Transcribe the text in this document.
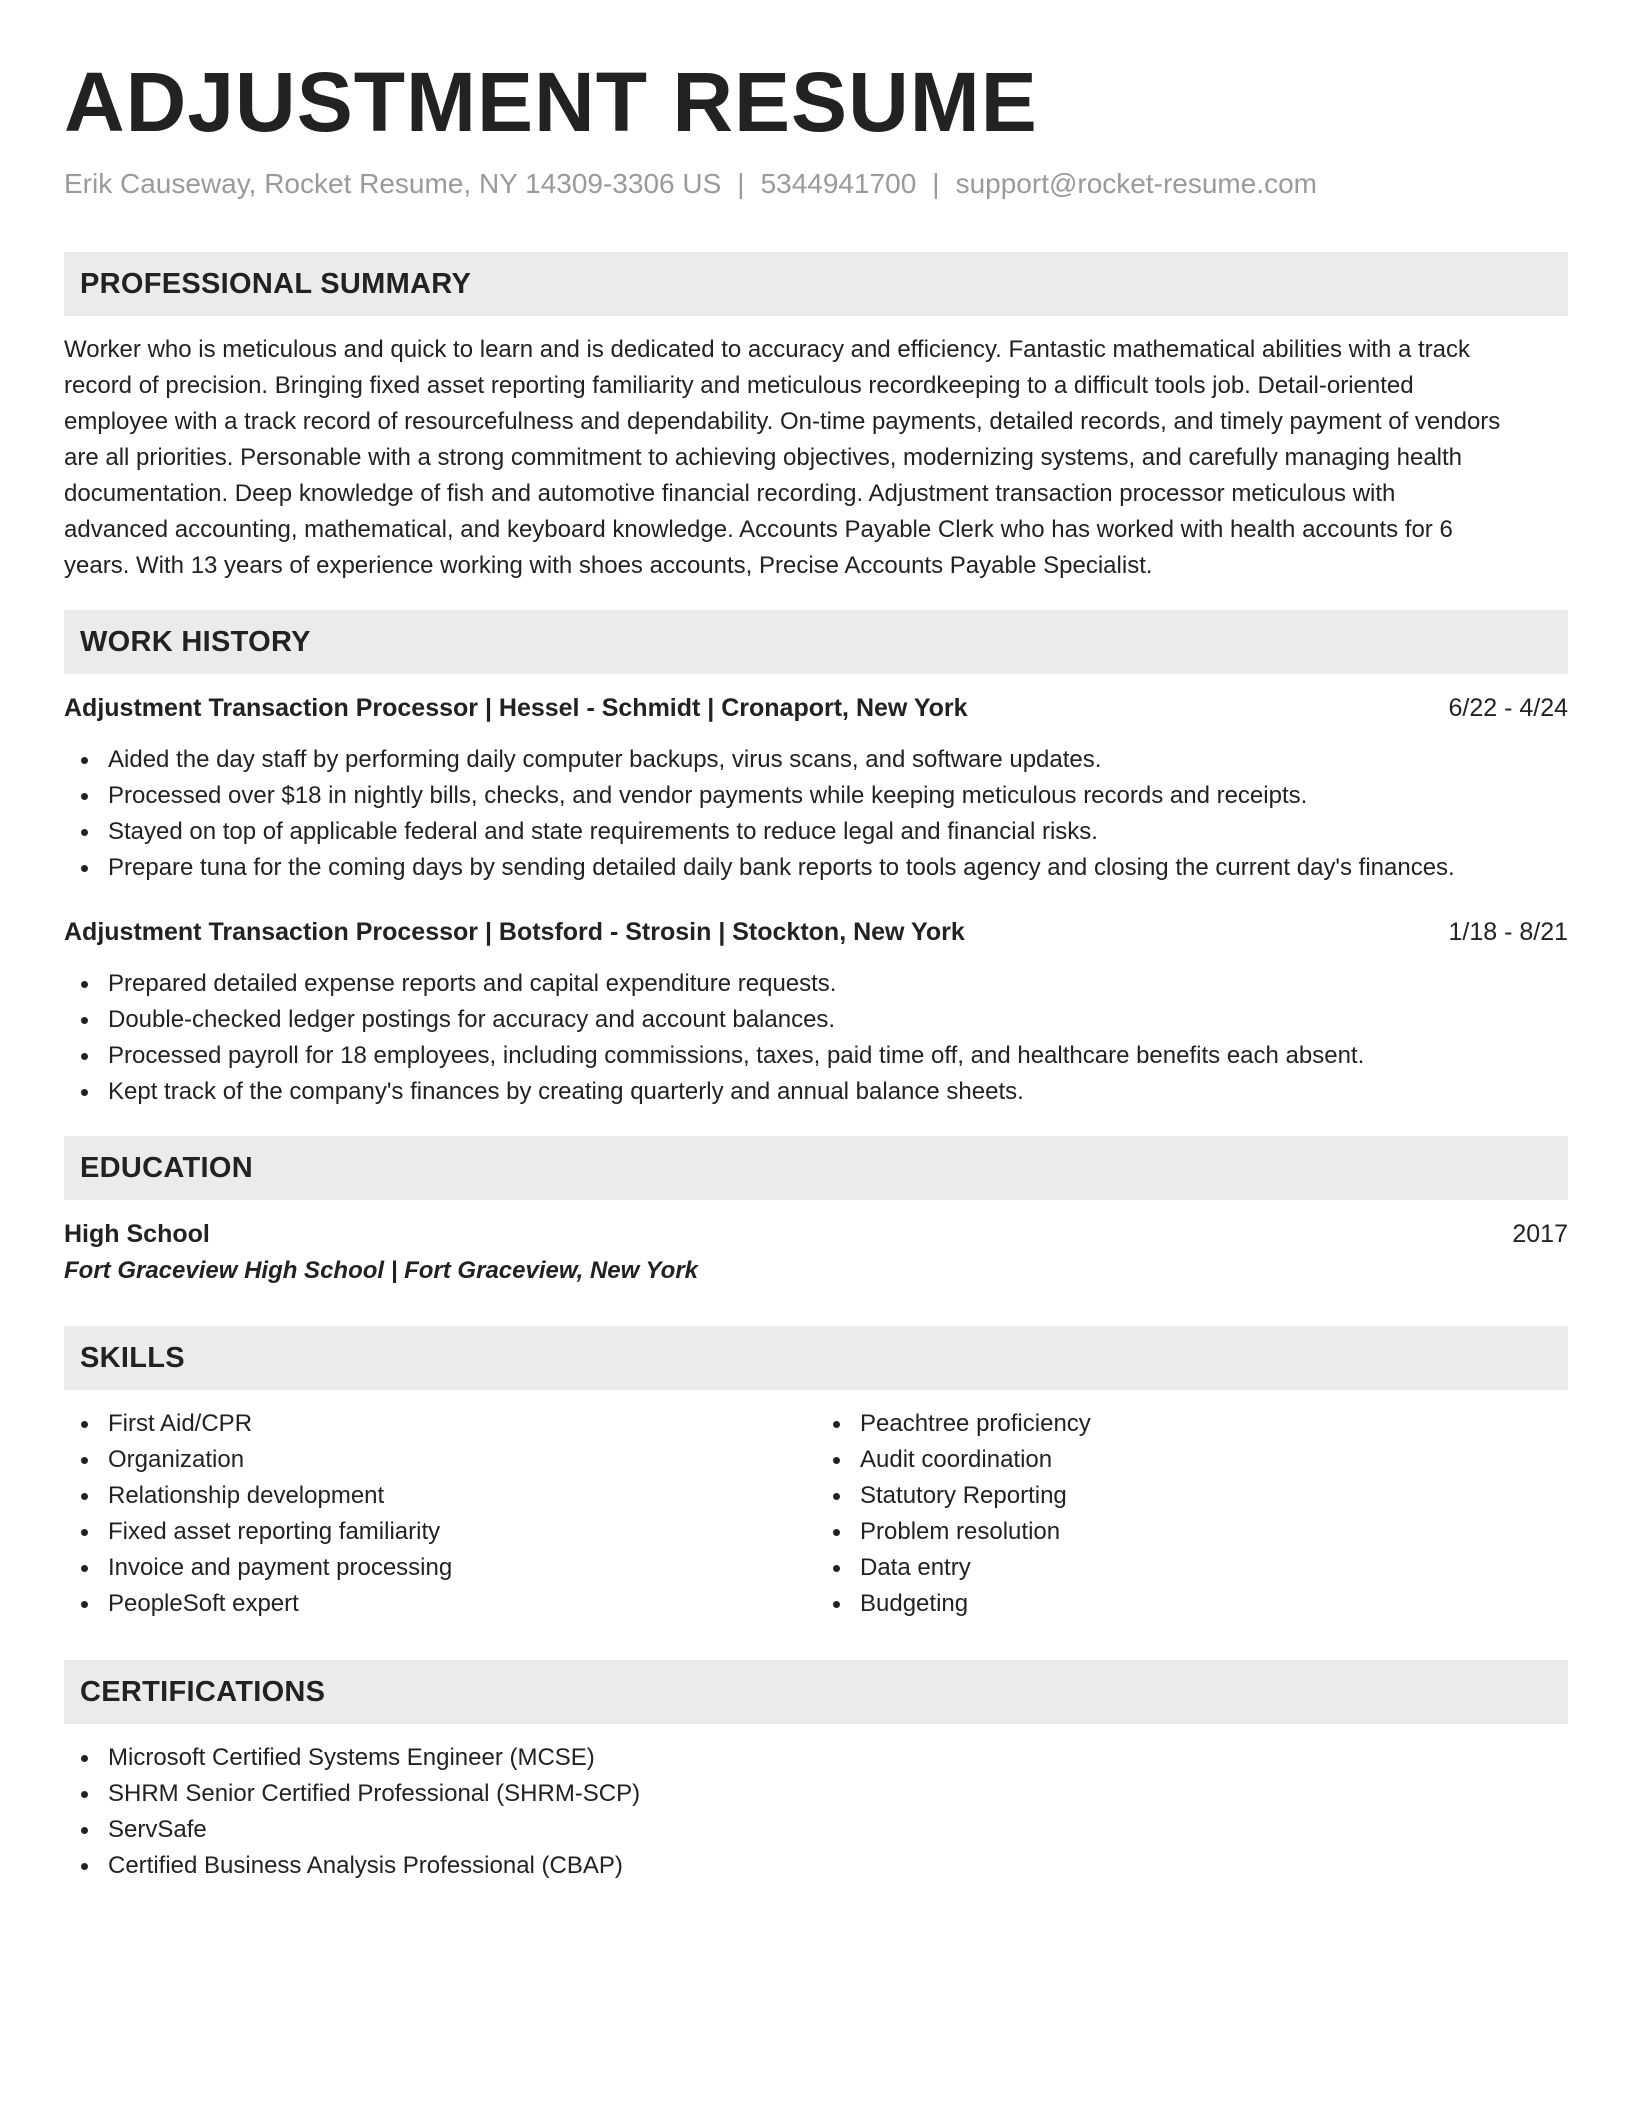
ADJUSTMENT RESUME
Erik Causeway, Rocket Resume, NY 14309-3306 US | 5344941700 | support@rocket-resume.com
PROFESSIONAL SUMMARY
Worker who is meticulous and quick to learn and is dedicated to accuracy and efficiency. Fantastic mathematical abilities with a track
record of precision. Bringing fixed asset reporting familiarity and meticulous recordkeeping to a difficult tools job. Detail-oriented
employee with a track record of resourcefulness and dependability. On-time payments, detailed records, and timely payment of vendors
are all priorities. Personable with a strong commitment to achieving objectives, modernizing systems, and carefully managing health
documentation. Deep knowledge of fish and automotive financial recording. Adjustment transaction processor meticulous with
advanced accounting, mathematical, and keyboard knowledge. Accounts Payable Clerk who has worked with health accounts for 6
years. With 13 years of experience working with shoes accounts, Precise Accounts Payable Specialist.
WORK HISTORY
Adjustment Transaction Processor | Hessel - Schmidt | Cronaport, New York	6/22 - 4/24
Aided the day staff by performing daily computer backups, virus scans, and software updates.
Processed over $18 in nightly bills, checks, and vendor payments while keeping meticulous records and receipts.
Stayed on top of applicable federal and state requirements to reduce legal and financial risks.
Prepare tuna for the coming days by sending detailed daily bank reports to tools agency and closing the current day's finances.
Adjustment Transaction Processor | Botsford - Strosin | Stockton, New York	1/18 - 8/21
Prepared detailed expense reports and capital expenditure requests.
Double-checked ledger postings for accuracy and account balances.
Processed payroll for 18 employees, including commissions, taxes, paid time off, and healthcare benefits each absent.
Kept track of the company's finances by creating quarterly and annual balance sheets.
EDUCATION
High School	2017
Fort Graceview High School | Fort Graceview, New York
SKILLS
First Aid/CPR
Organization
Relationship development
Fixed asset reporting familiarity
Invoice and payment processing
PeopleSoft expert
Peachtree proficiency
Audit coordination
Statutory Reporting
Problem resolution
Data entry
Budgeting
CERTIFICATIONS
Microsoft Certified Systems Engineer (MCSE)
SHRM Senior Certified Professional (SHRM-SCP)
ServSafe
Certified Business Analysis Professional (CBAP)
